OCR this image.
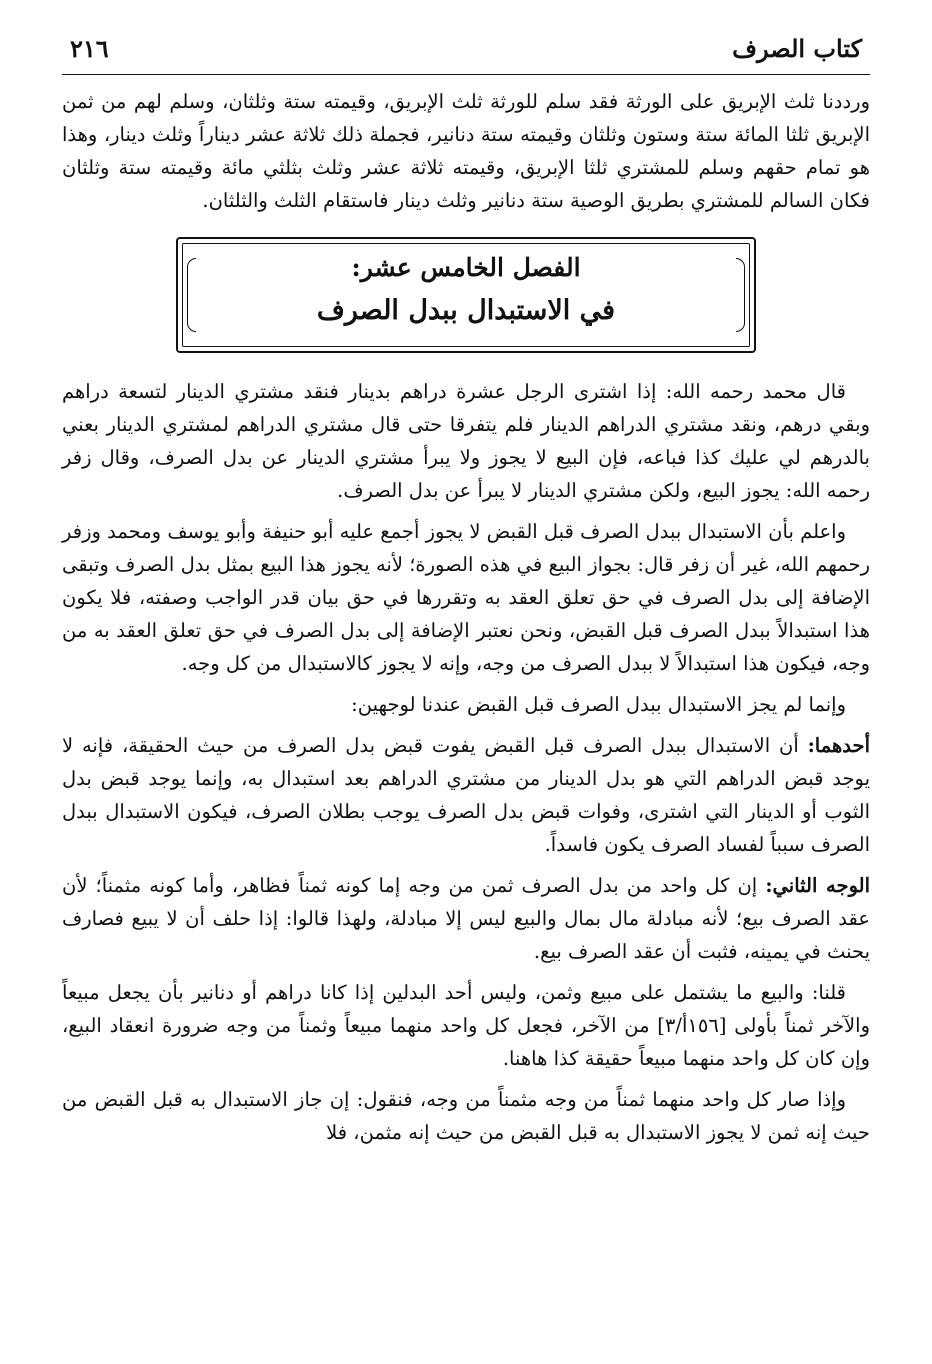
كتاب الصرف
٢١٦

ورددنا ثلث الإبريق على الورثة فقد سلم للورثة ثلث الإبريق، وقيمته ستة وثلثان، وسلم لهم من ثمن الإبريق ثلثا المائة ستة وستون وثلثان وقيمته ستة دنانير، فجملة ذلك ثلاثة عشر ديناراً وثلث دينار، وهذا هو تمام حقهم وسلم للمشتري ثلثا الإبريق، وقيمته ثلاثة عشر وثلث بثلثي مائة وقيمته ستة وثلثان فكان السالم للمشتري بطريق الوصية ستة دنانير وثلث دينار فاستقام الثلث والثلثان.

الفصل الخامس عشر:
في الاستبدال ببدل الصرف

قال محمد رحمه الله: إذا اشترى الرجل عشرة دراهم بدينار فنقد مشتري الدينار لتسعة دراهم وبقي درهم، ونقد مشتري الدراهم الدينار فلم يتفرقا حتى قال مشتري الدراهم لمشتري الدينار بعني بالدرهم لي عليك كذا فباعه، فإن البيع لا يجوز ولا يبرأ مشتري الدينار عن بدل الصرف، وقال زفر رحمه الله: يجوز البيع، ولكن مشتري الدينار لا يبرأ عن بدل الصرف.

واعلم بأن الاستبدال ببدل الصرف قبل القبض لا يجوز أجمع عليه أبو حنيفة وأبو يوسف ومحمد وزفر رحمهم الله، غير أن زفر قال: بجواز البيع في هذه الصورة؛ لأنه يجوز هذا البيع بمثل بدل الصرف وتبقى الإضافة إلى بدل الصرف في حق تعلق العقد به وتقررها في حق بيان قدر الواجب وصفته، فلا يكون هذا استبدالاً ببدل الصرف قبل القبض، ونحن نعتبر الإضافة إلى بدل الصرف في حق تعلق العقد به من وجه، فيكون هذا استبدالاً لا ببدل الصرف من وجه، وإنه لا يجوز كالاستبدال من كل وجه.

وإنما لم يجز الاستبدال ببدل الصرف قبل القبض عندنا لوجهين:

أحدهما: أن الاستبدال ببدل الصرف قبل القبض يفوت قبض بدل الصرف من حيث الحقيقة، فإنه لا يوجد قبض الدراهم التي هو بدل الدينار من مشتري الدراهم بعد استبدال به، وإنما يوجد قبض بدل الثوب أو الدينار التي اشترى، وفوات قبض بدل الصرف يوجب بطلان الصرف، فيكون الاستبدال ببدل الصرف سبباً لفساد الصرف يكون فاسداً.

الوجه الثاني: إن كل واحد من بدل الصرف ثمن من وجه إما كونه ثمناً فظاهر، وأما كونه مثمناً؛ لأن عقد الصرف بيع؛ لأنه مبادلة مال بمال والبيع ليس إلا مبادلة، ولهذا قالوا: إذا حلف أن لا يبيع فصارف يحنث في يمينه، فثبت أن عقد الصرف بيع.

قلنا: والبيع ما يشتمل على مبيع وثمن، وليس أحد البدلين إذا كانا دراهم أو دنانير بأن يجعل مبيعاً والآخر ثمناً بأولى [١٥٦أ/٣] من الآخر، فجعل كل واحد منهما مبيعاً وثمناً من وجه ضرورة انعقاد البيع، وإن كان كل واحد منهما مبيعاً حقيقة كذا هاهنا.

وإذا صار كل واحد منهما ثمناً من وجه مثمناً من وجه، فنقول: إن جاز الاستبدال به قبل القبض من حيث إنه ثمن لا يجوز الاستبدال به قبل القبض من حيث إنه مثمن، فلا
